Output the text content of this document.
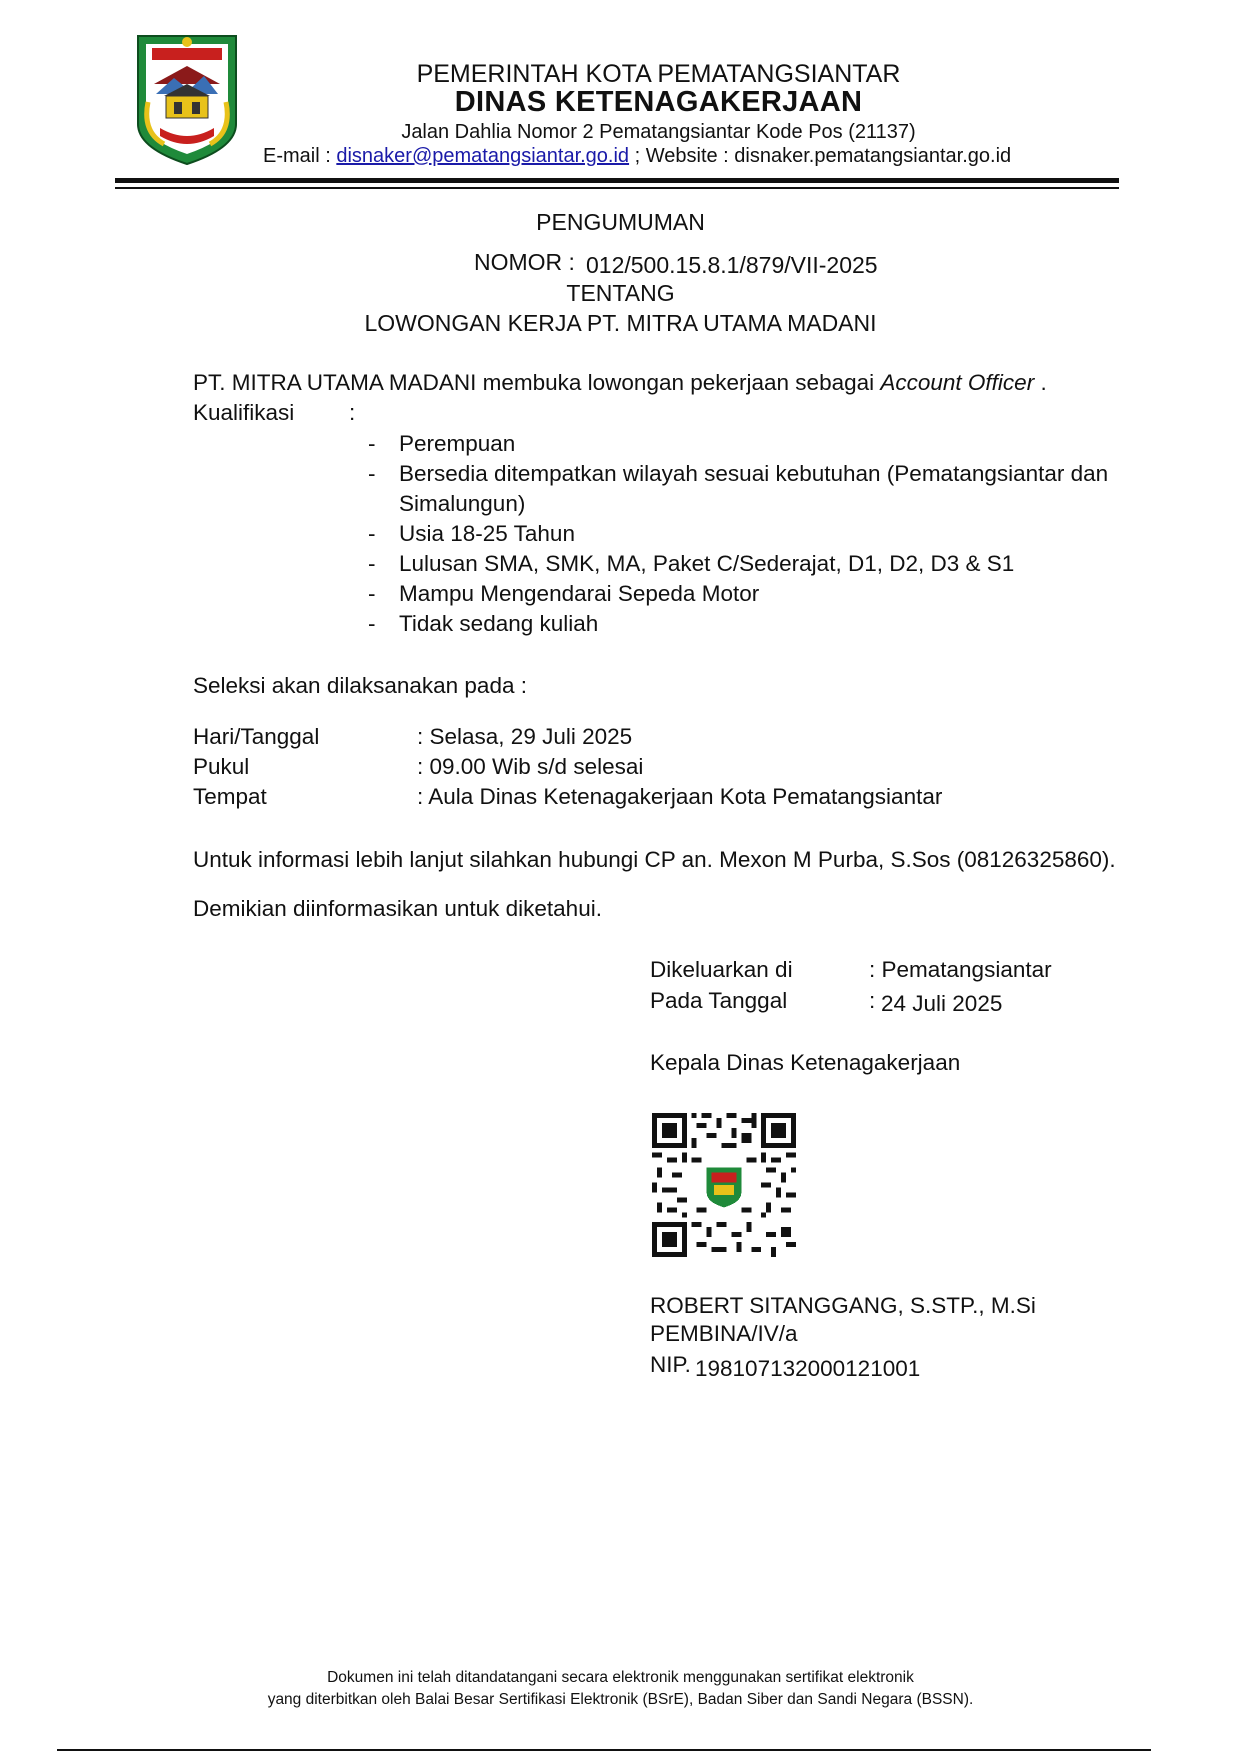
PEMERINTAH KOTA PEMATANGSIANTAR
DINAS KETENAGAKERJAAN
Jalan Dahlia Nomor 2 Pematangsiantar Kode Pos (21137)
E-mail : disnaker@pematangsiantar.go.id ; Website : disnaker.pematangsiantar.go.id
PENGUMUMAN
NOMOR : 012/500.15.8.1/879/VII-2025
TENTANG
LOWONGAN KERJA PT. MITRA UTAMA MADANI
PT. MITRA UTAMA MADANI membuka lowongan pekerjaan sebagai Account Officer .
Kualifikasi :
- Perempuan
- Bersedia ditempatkan wilayah sesuai kebutuhan (Pematangsiantar dan Simalungun)
- Usia 18-25 Tahun
- Lulusan SMA, SMK, MA, Paket C/Sederajat, D1, D2, D3 & S1
- Mampu Mengendarai Sepeda Motor
- Tidak sedang kuliah
Seleksi akan dilaksanakan pada :
Hari/Tanggal	: Selasa, 29 Juli 2025
Pukul	: 09.00 Wib s/d selesai
Tempat	: Aula Dinas Ketenagakerjaan Kota Pematangsiantar
Untuk informasi lebih lanjut silahkan hubungi CP an. Mexon M Purba, S.Sos (08126325860).
Demikian diinformasikan untuk diketahui.
Dikeluarkan di	: Pematangsiantar
Pada Tanggal	: 24 Juli 2025
Kepala Dinas Ketenagakerjaan
ROBERT SITANGGANG, S.STP., M.Si
PEMBINA/IV/a
NIP. 198107132000121001
Dokumen ini telah ditandatangani secara elektronik menggunakan sertifikat elektronik
yang diterbitkan oleh Balai Besar Sertifikasi Elektronik (BSrE), Badan Siber dan Sandi Negara (BSSN).
